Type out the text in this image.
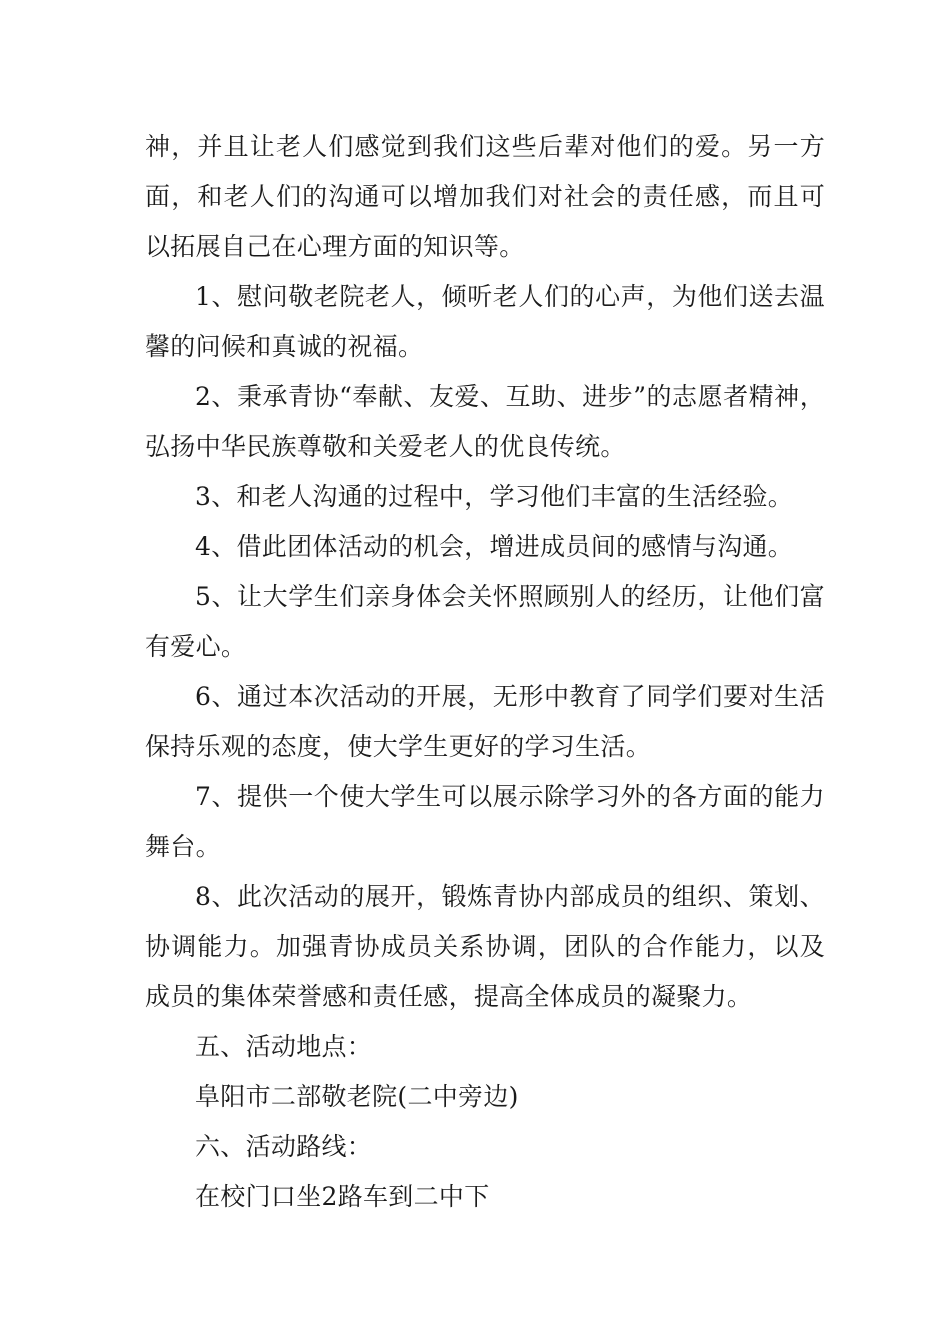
神，并且让老人们感觉到我们这些后辈对他们的爱。另一方面，和老人们的沟通可以增加我们对社会的责任感，而且可以拓展自己在心理方面的知识等。

1、慰问敬老院老人，倾听老人们的心声，为他们送去温馨的问候和真诚的祝福。

2、秉承青协“奉献、友爱、互助、进步”的志愿者精神，弘扬中华民族尊敬和关爱老人的优良传统。

3、和老人沟通的过程中，学习他们丰富的生活经验。

4、借此团体活动的机会，增进成员间的感情与沟通。

5、让大学生们亲身体会关怀照顾别人的经历，让他们富有爱心。

6、通过本次活动的开展，无形中教育了同学们要对生活保持乐观的态度，使大学生更好的学习生活。

7、提供一个使大学生可以展示除学习外的各方面的能力舞台。

8、此次活动的展开，锻炼青协内部成员的组织、策划、协调能力。加强青协成员关系协调，团队的合作能力，以及成员的集体荣誉感和责任感，提高全体成员的凝聚力。

五、活动地点：

阜阳市二部敬老院(二中旁边)

六、活动路线：

在校门口坐2路车到二中下
